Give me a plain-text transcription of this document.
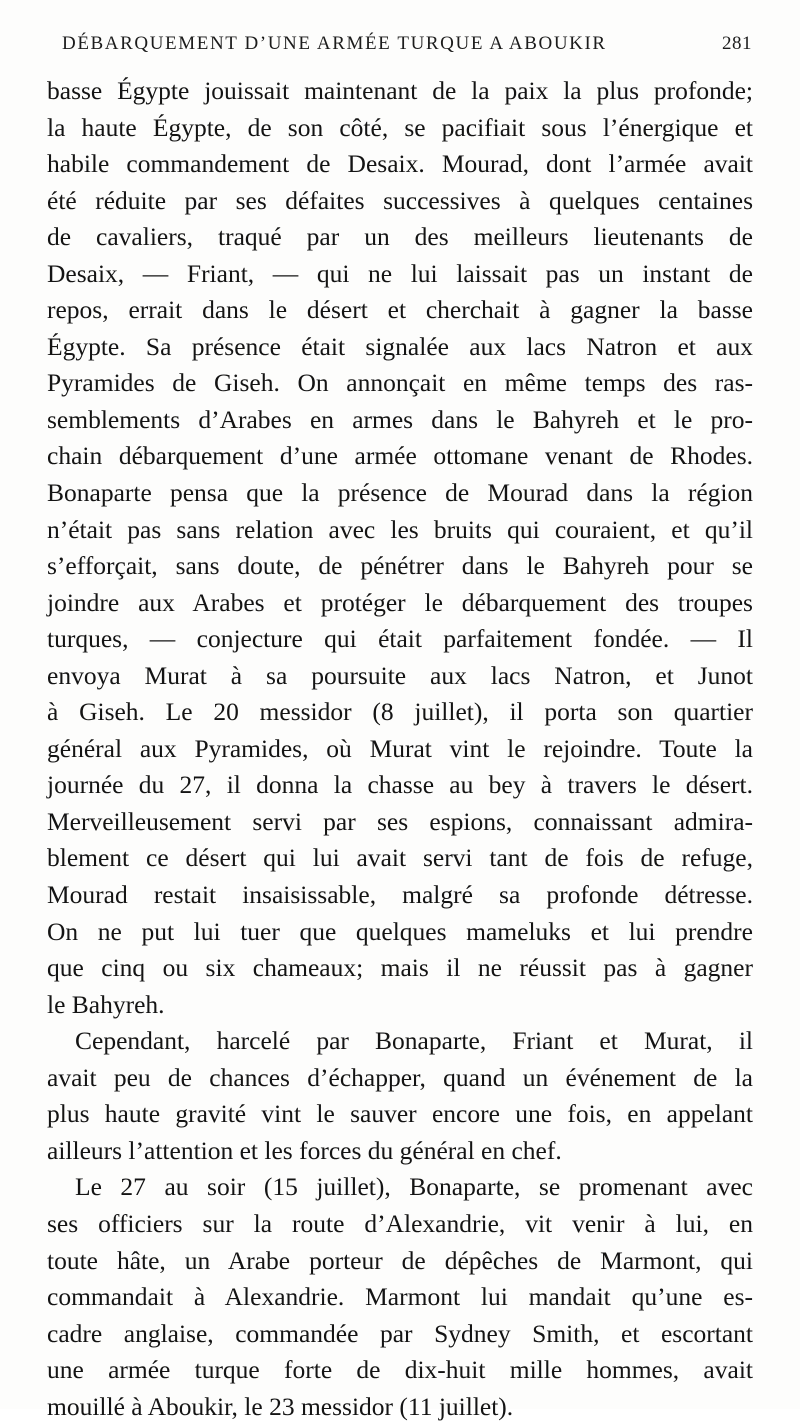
DÉBARQUEMENT D’UNE ARMÉE TURQUE A ABOUKIR	281
basse Égypte jouissait maintenant de la paix la plus profonde;
la haute Égypte, de son côté, se pacifiait sous l’énergique et
habile commandement de Desaix. Mourad, dont l’armée avait
été réduite par ses défaites successives à quelques centaines
de cavaliers, traqué par un des meilleurs lieutenants de
Desaix, — Friant, — qui ne lui laissait pas un instant de
repos, errait dans le désert et cherchait à gagner la basse
Égypte. Sa présence était signalée aux lacs Natron et aux
Pyramides de Giseh. On annonçait en même temps des ras-
semblements d’Arabes en armes dans le Bahyreh et le pro-
chain débarquement d’une armée ottomane venant de Rhodes.
Bonaparte pensa que la présence de Mourad dans la région
n’était pas sans relation avec les bruits qui couraient, et qu’il
s’efforçait, sans doute, de pénétrer dans le Bahyreh pour se
joindre aux Arabes et protéger le débarquement des troupes
turques, — conjecture qui était parfaitement fondée. — Il
envoya Murat à sa poursuite aux lacs Natron, et Junot
à Giseh. Le 20 messidor (8 juillet), il porta son quartier
général aux Pyramides, où Murat vint le rejoindre. Toute la
journée du 27, il donna la chasse au bey à travers le désert.
Merveilleusement servi par ses espions, connaissant admira-
blement ce désert qui lui avait servi tant de fois de refuge,
Mourad restait insaisissable, malgré sa profonde détresse.
On ne put lui tuer que quelques mameluks et lui prendre
que cinq ou six chameaux; mais il ne réussit pas à gagner
le Bahyreh.
Cependant, harcelé par Bonaparte, Friant et Murat, il
avait peu de chances d’échapper, quand un événement de la
plus haute gravité vint le sauver encore une fois, en appelant
ailleurs l’attention et les forces du général en chef.
Le 27 au soir (15 juillet), Bonaparte, se promenant avec
ses officiers sur la route d’Alexandrie, vit venir à lui, en
toute hâte, un Arabe porteur de dépêches de Marmont, qui
commandait à Alexandrie. Marmont lui mandait qu’une es-
cadre anglaise, commandée par Sydney Smith, et escortant
une armée turque forte de dix-huit mille hommes, avait
mouillé à Aboukir, le 23 messidor (11 juillet).
